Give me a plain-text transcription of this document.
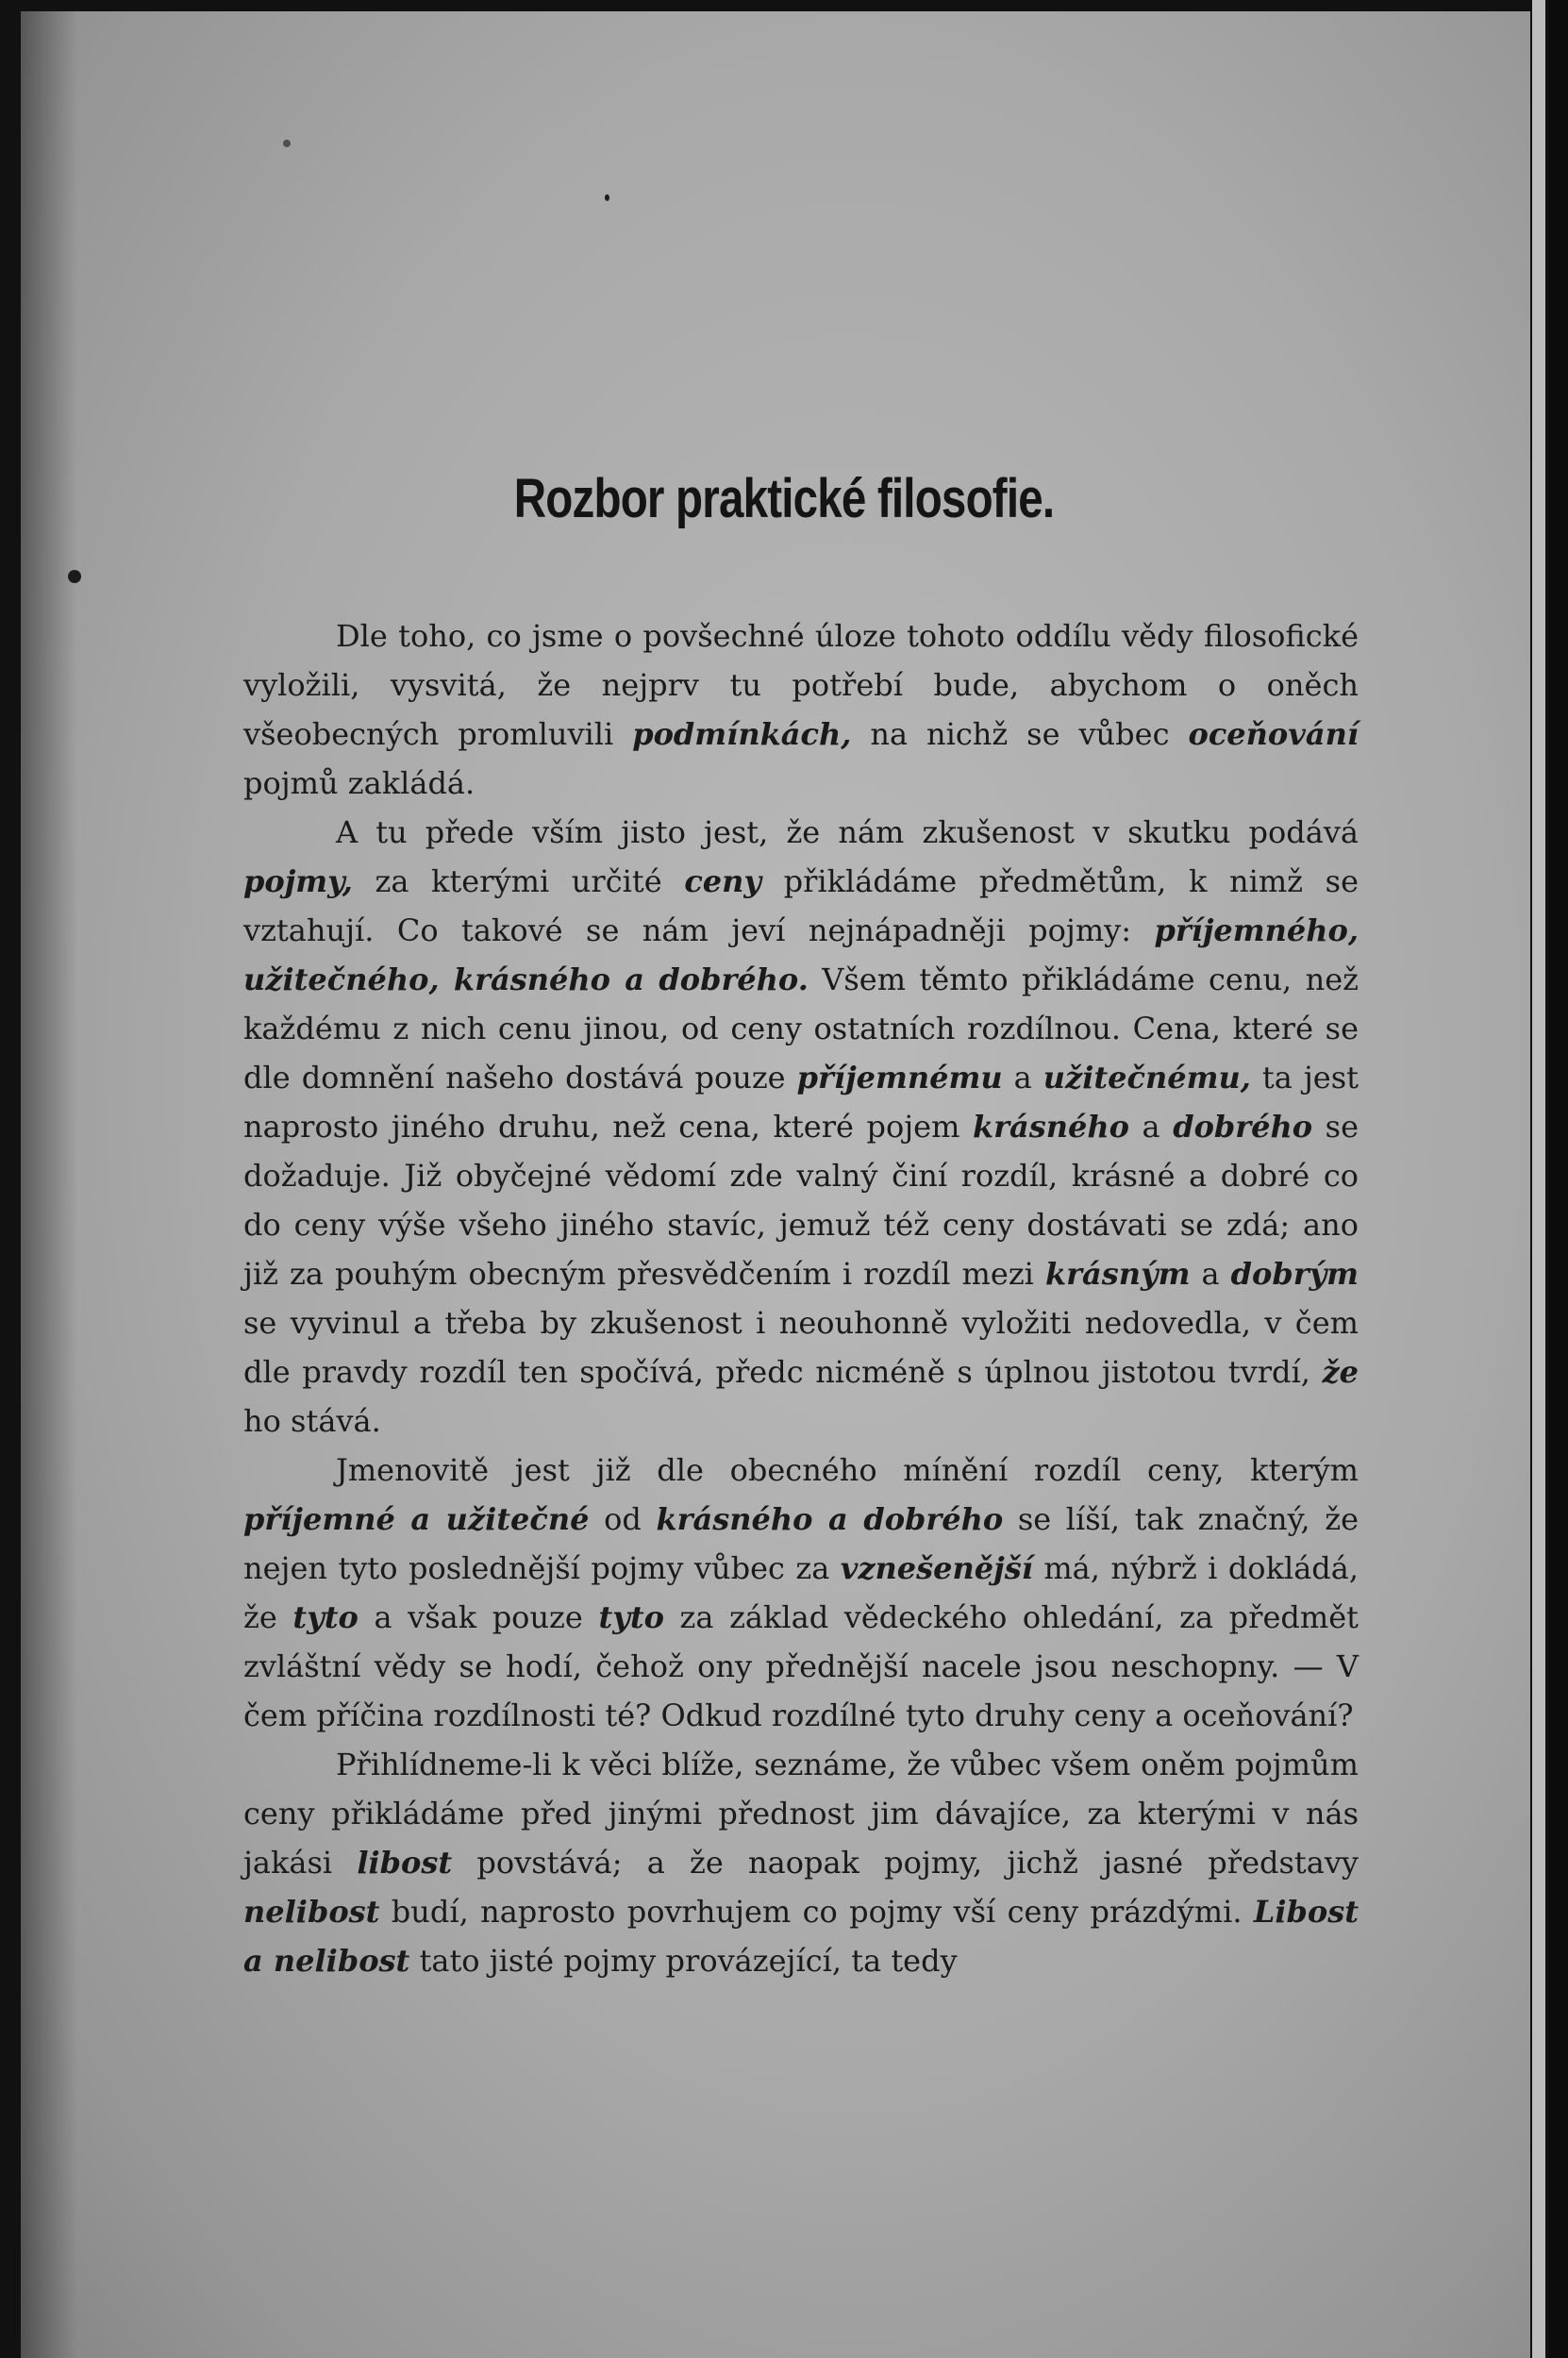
Rozbor praktické filosofie.

Dle toho, co jsme o povšechné úloze tohoto oddílu vědy filosofické vyložili, vysvitá, že nejprv tu potřebí bude, abychom o oněch všeobecných promluvili podmínkách, na nichž se vůbec oceňování pojmů zakládá.

A tu přede vším jisto jest, že nám zkušenost v skutku podává pojmy, za kterými určité ceny přikládáme předmětům, k nimž se vztahují. Co takové se nám jeví nejnápadněji pojmy: příjemného, užitečného, krásného a dobrého. Všem těmto přikládáme cenu, než každému z nich cenu jinou, od ceny ostatních rozdílnou. Cena, které se dle domnění našeho dostává pouze příjemnému a užitečnému, ta jest naprosto jiného druhu, než cena, které pojem krásného a dobrého se dožaduje. Již obyčejné vědomí zde valný činí rozdíl, krásné a dobré co do ceny výše všeho jiného stavíc, jemuž též ceny dostávati se zdá; ano již za pouhým obecným přesvědčením i rozdíl mezi krásným a dobrým se vyvinul a třeba by zkušenost i neouhonně vyložiti nedovedla, v čem dle pravdy rozdíl ten spočívá, předc nicméně s úplnou jistotou tvrdí, že ho stává.

Jmenovitě jest již dle obecného mínění rozdíl ceny, kterým příjemné a užitečné od krásného a dobrého se líší, tak značný, že nejen tyto poslednější pojmy vůbec za vznešenější má, nýbrž i dokládá, že tyto a však pouze tyto za základ vědeckého ohledání, za předmět zvláštní vědy se hodí, čehož ony přednější nacele jsou neschopny. — V čem příčina rozdílnosti té? Odkud rozdílné tyto druhy ceny a oceňování?

Přihlídneme-li k věci blíže, seznáme, že vůbec všem oněm pojmům ceny přikládáme před jinými přednost jim dávajíce, za kterými v nás jakási libost povstává; a že naopak pojmy, jichž jasné představy nelibost budí, naprosto povrhujem co pojmy vší ceny prázdými. Libost a nelibost tato jisté pojmy provázející, ta tedy
